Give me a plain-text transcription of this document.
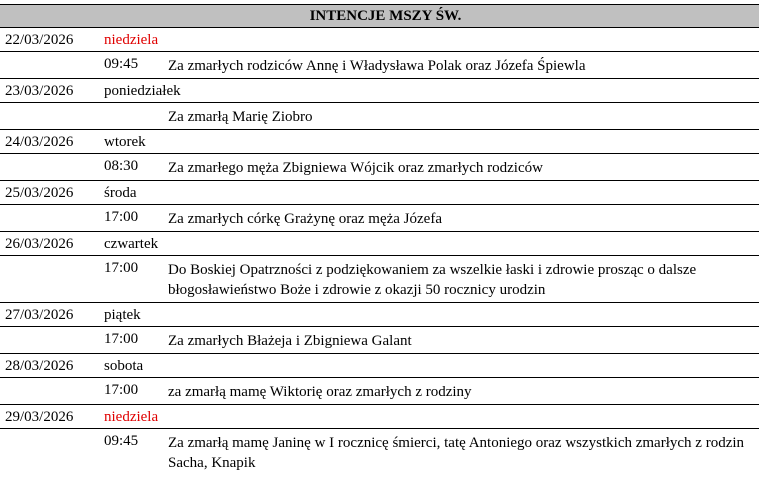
INTENCJE MSZY ŚW.
22/03/2026 niedziela
09:45 Za zmarłych rodziców Annę i Władysława Polak oraz Józefa Śpiewla
23/03/2026 poniedziałek
Za zmarłą Marię Ziobro
24/03/2026 wtorek
08:30 Za zmarłego męża Zbigniewa Wójcik oraz zmarłych rodziców
25/03/2026 środa
17:00 Za zmarłych córkę Grażynę oraz męża Józefa
26/03/2026 czwartek
17:00 Do Boskiej Opatrzności z podziękowaniem za wszelkie łaski i zdrowie prosząc o dalsze błogosławieństwo Boże i zdrowie z okazji 50 rocznicy urodzin
27/03/2026 piątek
17:00 Za zmarłych Błażeja i Zbigniewa Galant
28/03/2026 sobota
17:00 za zmarłą mamę Wiktorię oraz zmarłych z rodziny
29/03/2026 niedziela
09:45 Za zmarłą mamę Janinę w I rocznicę śmierci, tatę Antoniego oraz wszystkich zmarłych z rodzin Sacha, Knapik
